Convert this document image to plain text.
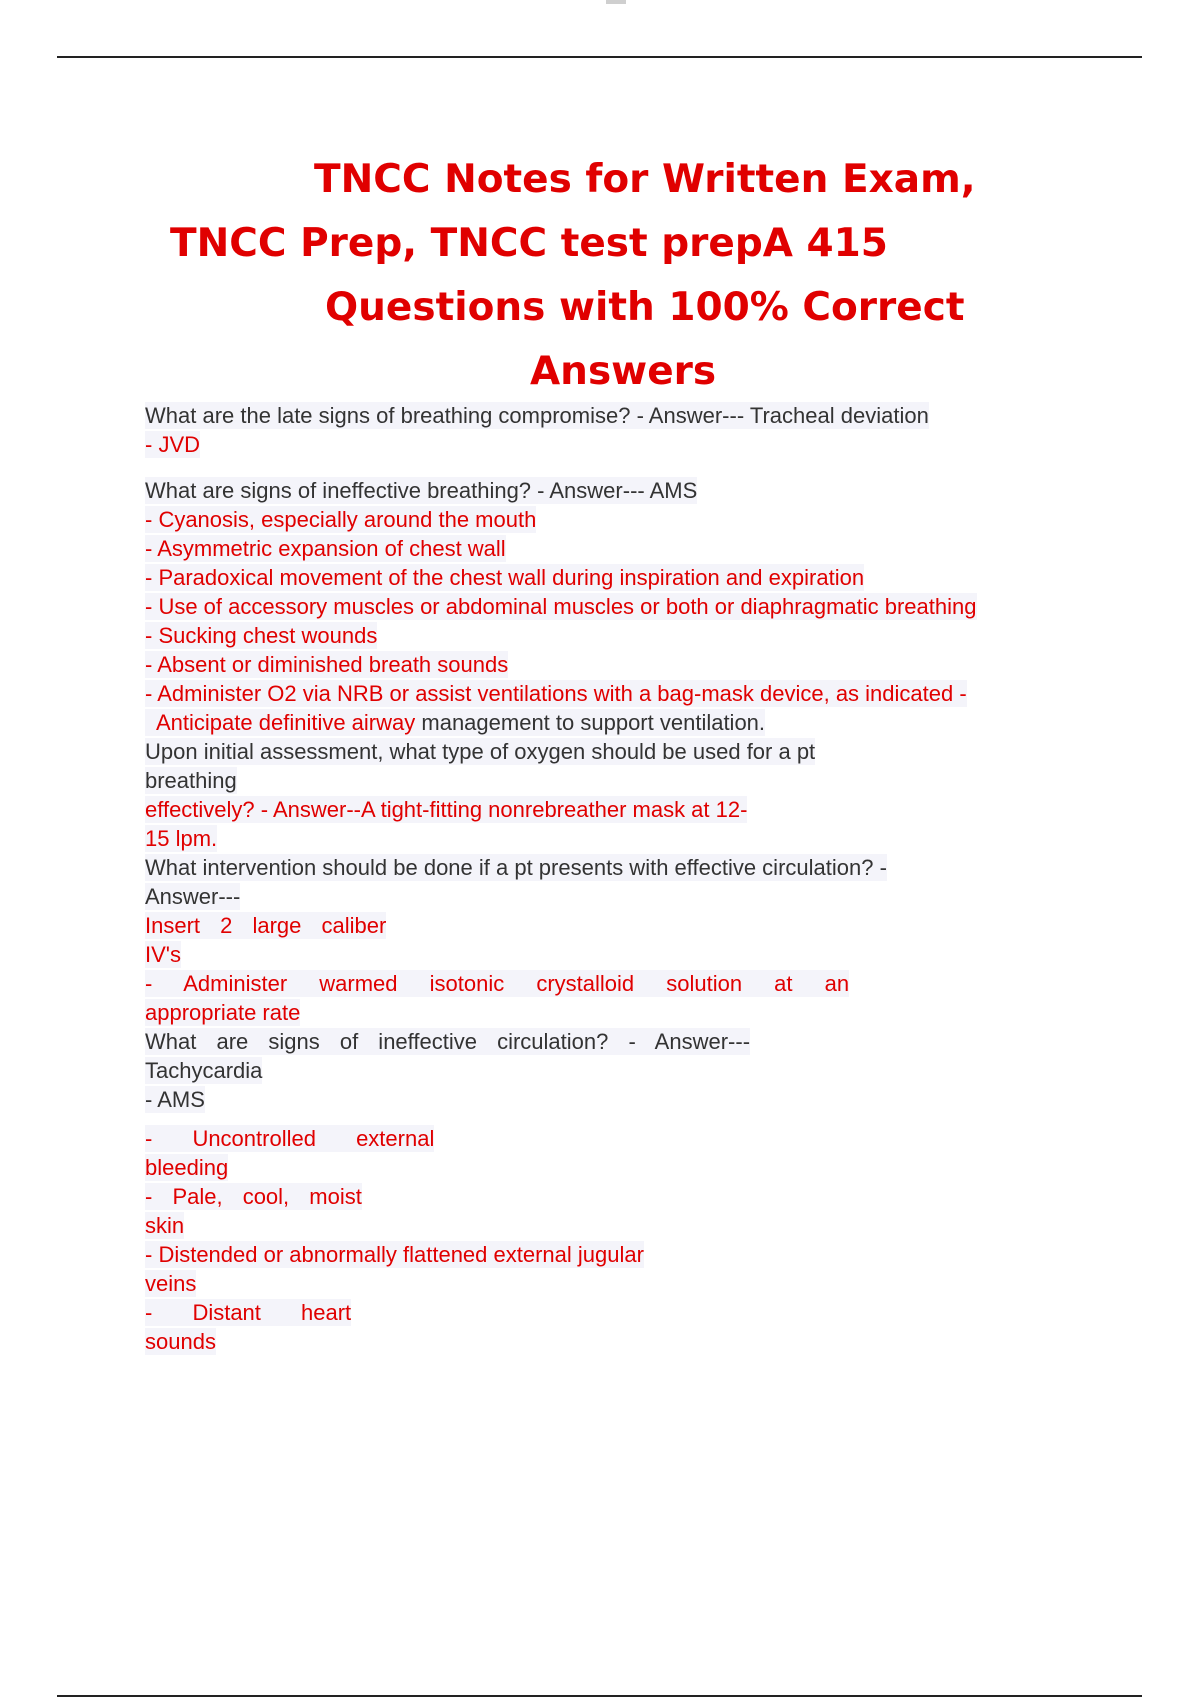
TNCC Notes for Written Exam,
TNCC Prep, TNCC test prepA 415
Questions with 100% Correct
Answers
What are the late signs of breathing compromise? - Answer--- Tracheal deviation
- JVD
What are signs of ineffective breathing? - Answer--- AMS
- Cyanosis, especially around the mouth
- Asymmetric expansion of chest wall
- Paradoxical movement of the chest wall during inspiration and expiration
- Use of accessory muscles or abdominal muscles or both or diaphragmatic breathing
- Sucking chest wounds
- Absent or diminished breath sounds
- Administer O2 via NRB or assist ventilations with a bag-mask device, as indicated -
Anticipate definitive airway management to support ventilation.
Upon initial assessment, what type of oxygen should be used for a pt
breathing
effectively? - Answer--A tight-fitting nonrebreather mask at 12-
15 lpm.
What intervention should be done if a pt presents with effective circulation? -
Answer---
Insert 2 large caliber
IV's
- Administer warmed isotonic crystalloid solution at an
appropriate rate
What are signs of ineffective circulation? - Answer---
Tachycardia
- AMS
- Uncontrolled external
bleeding
- Pale, cool, moist
skin
- Distended or abnormally flattened external jugular
veins
- Distant heart
sounds
